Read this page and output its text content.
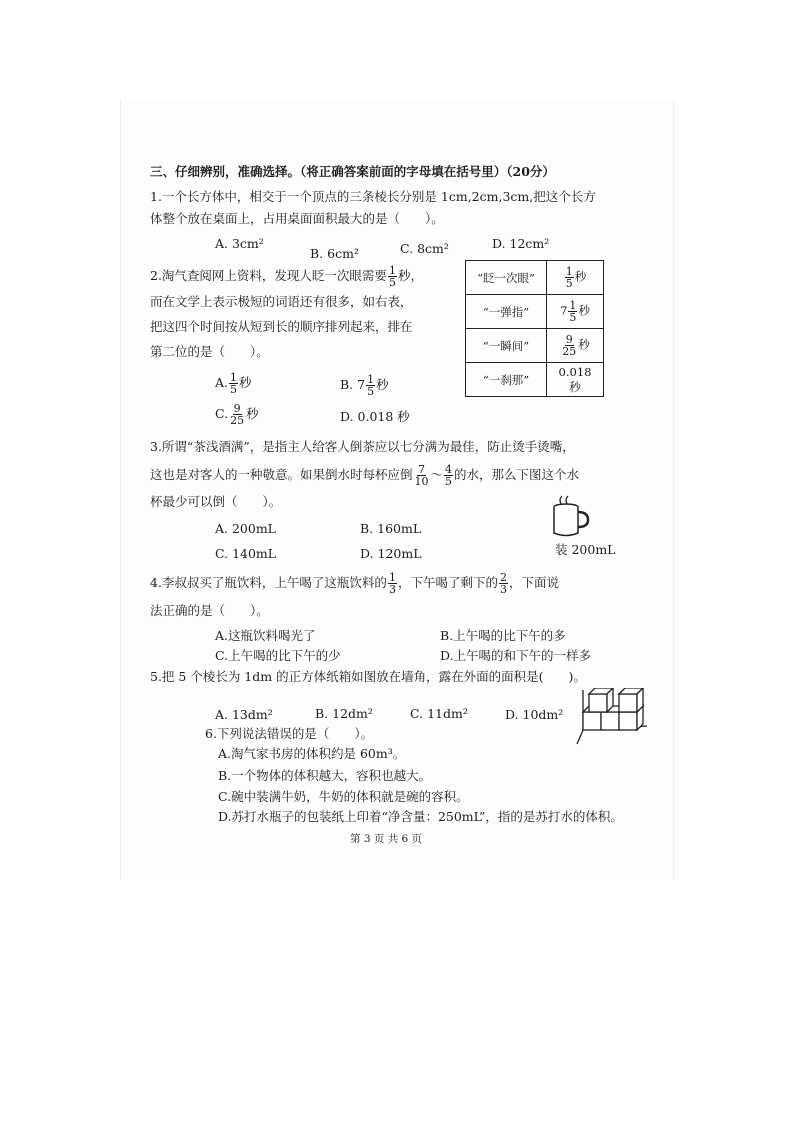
三、仔细辨别，准确选择。（将正确答案前面的字母填在括号里）（20分）
1.一个长方体中，相交于一个顶点的三条棱长分别是 1cm,2cm,3cm,把这个长方
体整个放在桌面上，占用桌面面积最大的是（　　）。
A. 3cm²
B. 6cm²	C. 8cm²	D. 12cm²
2.淘气查阅网上资料，发现人眨一次眼需要 $\frac{1}{5}$ 秒，
而在文学上表示极短的词语还有很多，如右表，
把这四个时间按从短到长的顺序排列起来，排在
第二位的是（　　）。
A. $\frac{1}{5}$ 秒	B. $7 \frac{1}{5}$ 秒
C. $\frac{9}{25}$ 秒	D. 0.018 秒
“眨一次眼”	$\frac{1}{5}$ 秒
“一弹指”	$7 \frac{1}{5}$ 秒
“一瞬间”	$\frac{9}{25}$ 秒
“一刹那”	0.018 秒
3.所谓“茶浅酒满”，是指主人给客人倒茶应以七分满为最佳，防止烫手烫嘴，
这也是对客人的一种敬意。如果倒水时每杯应倒 $\frac{7}{10}$ ～ $\frac{4}{5}$ 的水，那么下图这个水
杯最少可以倒（　　）。
A. 200mL	B. 160mL
C. 140mL	D. 120mL	装 200mL
4.李叔叔买了瓶饮料，上午喝了这瓶饮料的 $\frac{1}{3}$ ，下午喝了剩下的 $\frac{2}{3}$ ，下面说
法正确的是（　　）。
A.这瓶饮料喝光了	B.上午喝的比下午的多
C.上午喝的比下午的少	D.上午喝的和下午的一样多
5.把 5 个棱长为 1dm 的正方体纸箱如图放在墙角，露在外面的面积是(　　)。
A. 13dm²	B. 12dm²	C. 11dm²	D. 10dm²
6.下列说法错误的是（　　）。
A.淘气家书房的体积约是 60m³。
B.一个物体的体积越大，容积也越大。
C.碗中装满牛奶，牛奶的体积就是碗的容积。
D.苏打水瓶子的包装纸上印着“净含量：250mL”，指的是苏打水的体积。
第 3 页 共 6 页
